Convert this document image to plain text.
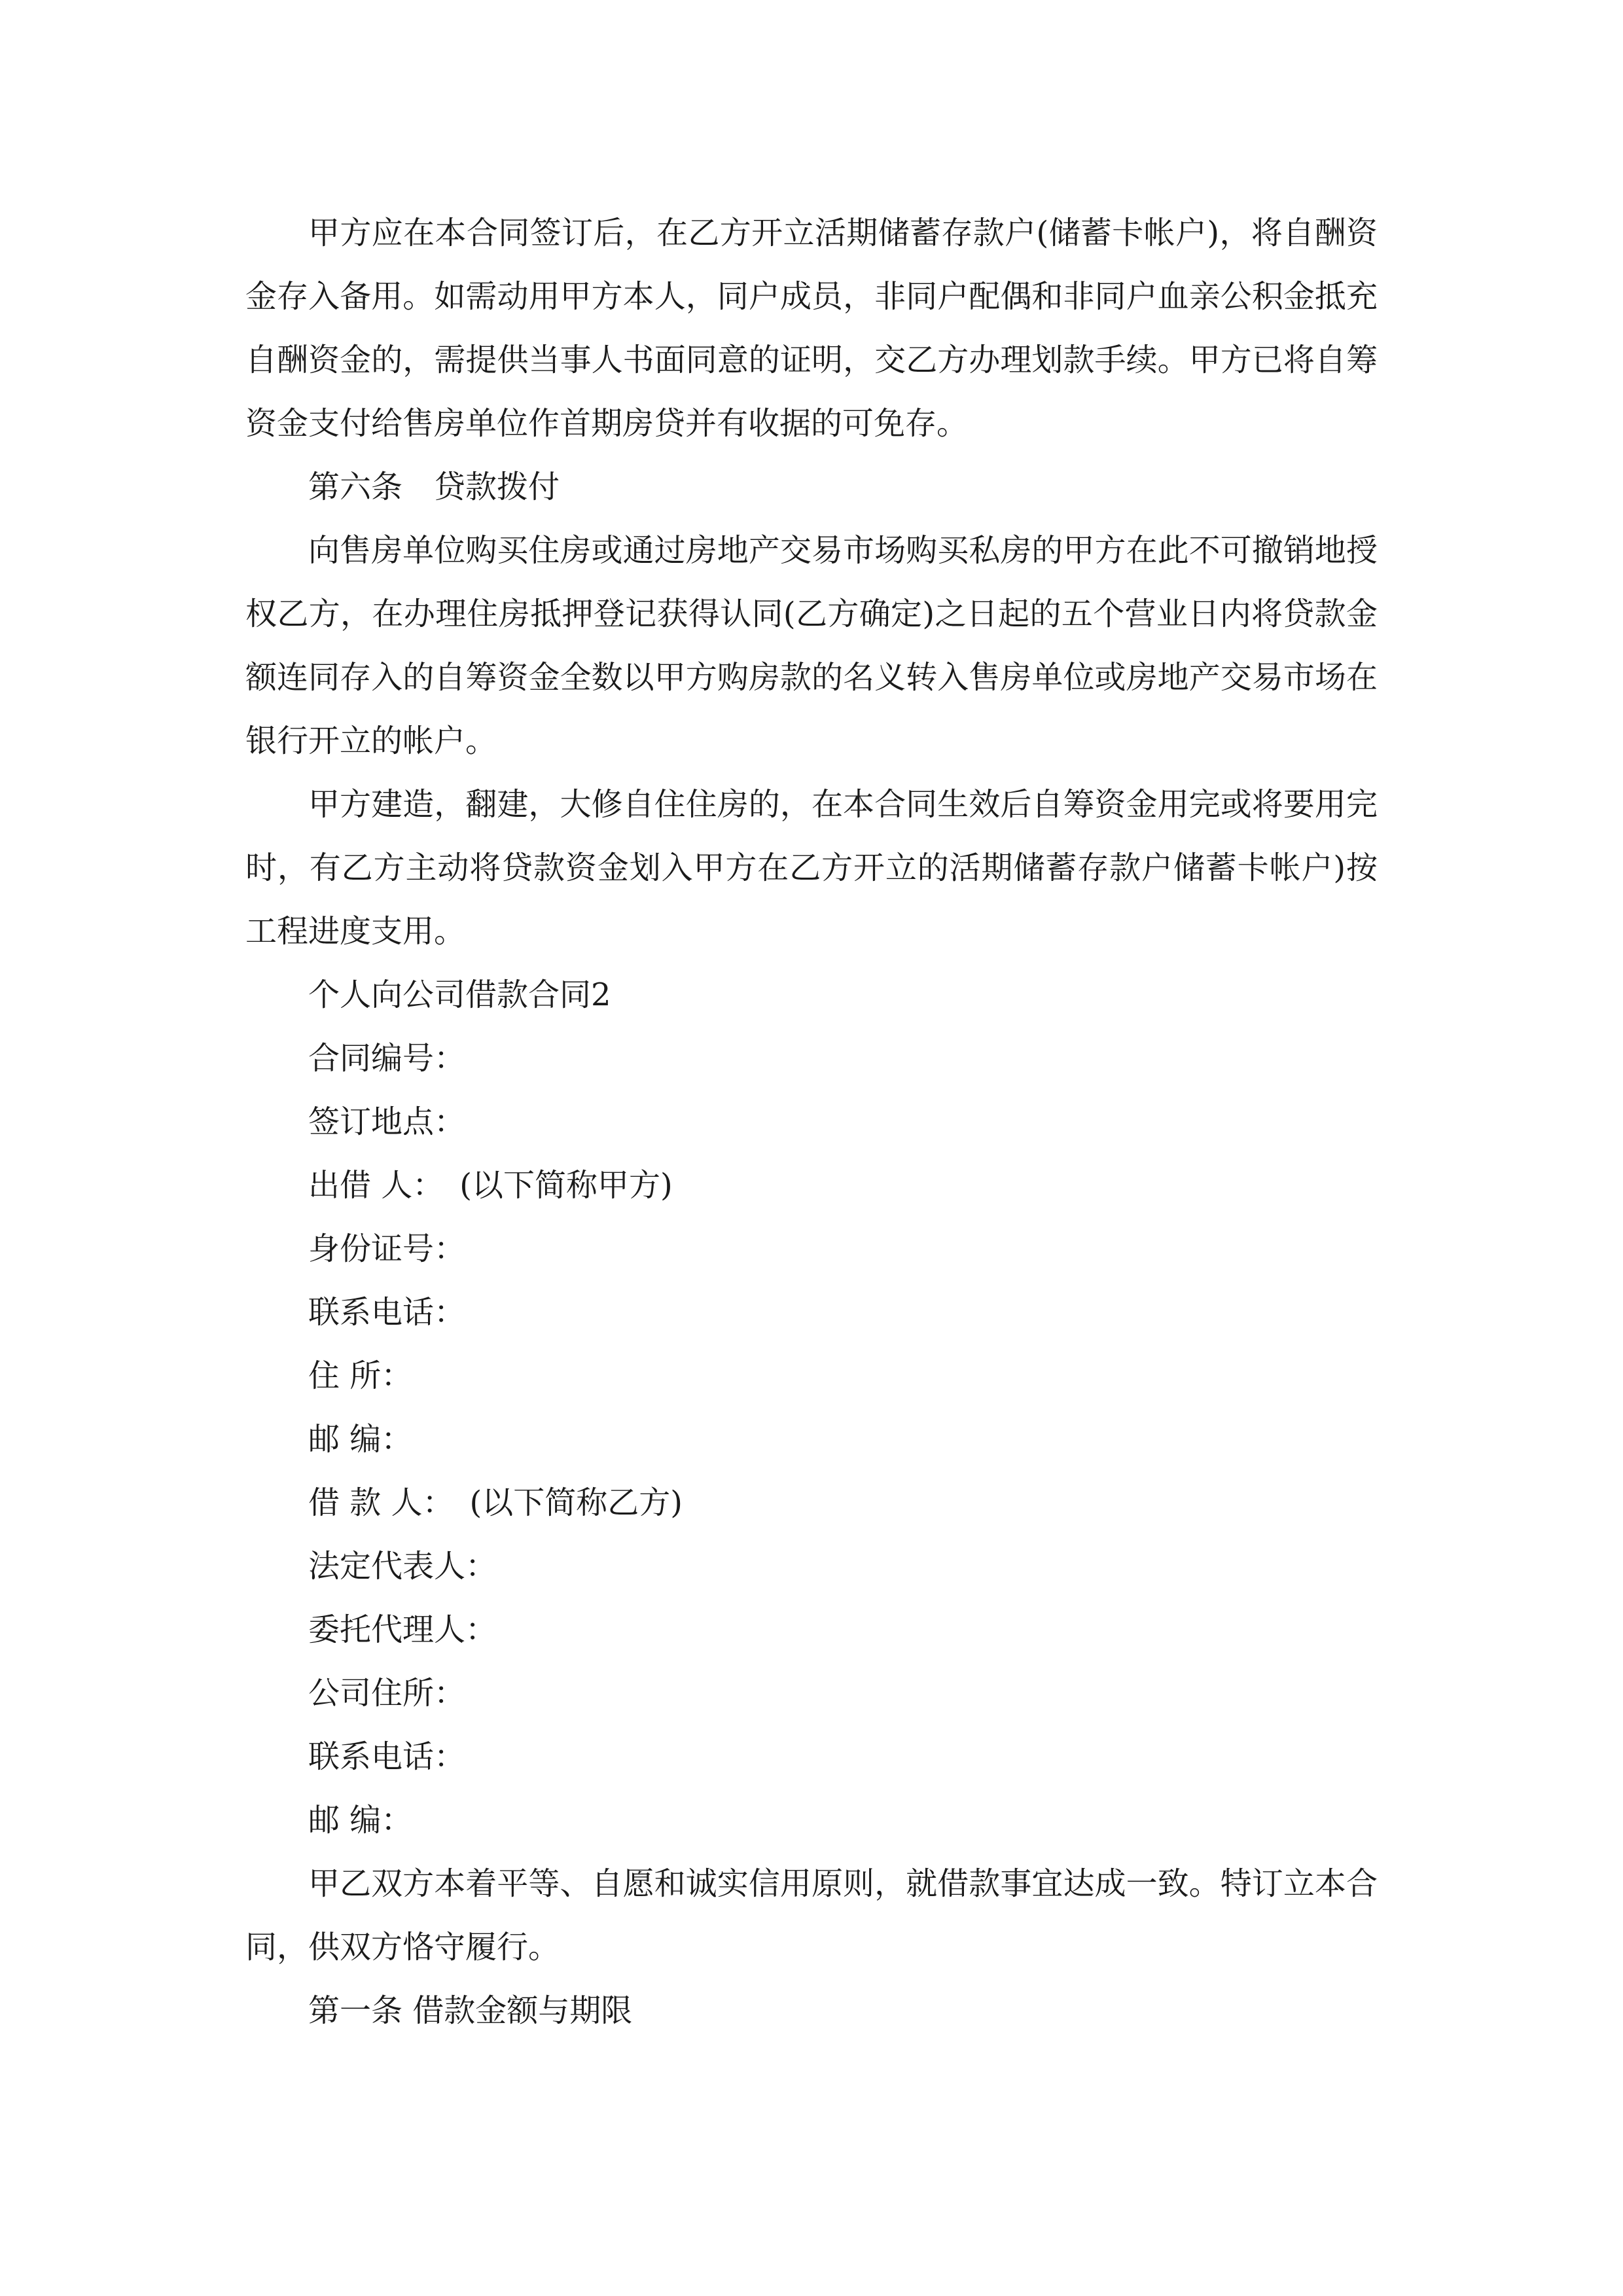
甲方应在本合同签订后，在乙方开立活期储蓄存款户(储蓄卡帐户)，将自酬资金存入备用。如需动用甲方本人，同户成员，非同户配偶和非同户血亲公积金抵充自酬资金的，需提供当事人书面同意的证明，交乙方办理划款手续。甲方已将自筹资金支付给售房单位作首期房贷并有收据的可免存。

第六条　贷款拨付

向售房单位购买住房或通过房地产交易市场购买私房的甲方在此不可撤销地授权乙方，在办理住房抵押登记获得认同(乙方确定)之日起的五个营业日内将贷款金额连同存入的自筹资金全数以甲方购房款的名义转入售房单位或房地产交易市场在银行开立的帐户。

甲方建造，翻建，大修自住住房的，在本合同生效后自筹资金用完或将要用完时，有乙方主动将贷款资金划入甲方在乙方开立的活期储蓄存款户储蓄卡帐户)按工程进度支用。

个人向公司借款合同2

合同编号：

签订地点：

出借 人：　(以下简称甲方)

身份证号：

联系电话：

住 所：

邮 编：

借 款 人：　(以下简称乙方)

法定代表人：

委托代理人：

公司住所：

联系电话：

邮 编：

甲乙双方本着平等、自愿和诚实信用原则，就借款事宜达成一致。特订立本合同，供双方恪守履行。

第一条 借款金额与期限
